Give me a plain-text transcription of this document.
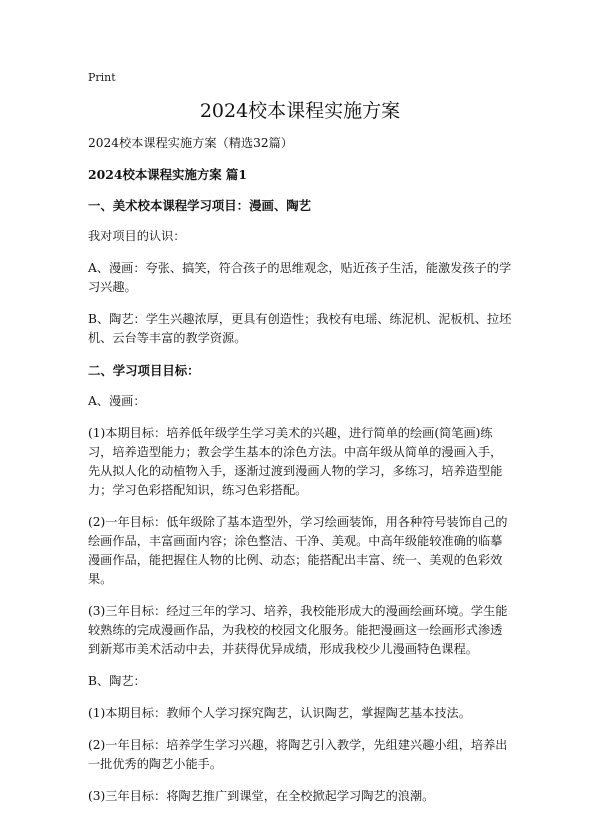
Print
2024校本课程实施方案

2024校本课程实施方案（精选32篇）

2024校本课程实施方案 篇1

一、美术校本课程学习项目：漫画、陶艺

我对项目的认识：

A、漫画：夸张、搞笑，符合孩子的思维观念，贴近孩子生活，能激发孩子的学习兴趣。

B、陶艺：学生兴趣浓厚，更具有创造性；我校有电瑶、练泥机、泥板机、拉坯机、云台等丰富的教学资源。

二、学习项目目标：

A、漫画：

(1)本期目标：培养低年级学生学习美术的兴趣，进行简单的绘画(简笔画)练习，培养造型能力；教会学生基本的涂色方法。中高年级从简单的漫画入手，先从拟人化的动植物入手，逐渐过渡到漫画人物的学习，多练习，培养造型能力；学习色彩搭配知识，练习色彩搭配。

(2)一年目标：低年级除了基本造型外，学习绘画装饰，用各种符号装饰自己的绘画作品，丰富画面内容；涂色整洁、干净、美观。中高年级能较准确的临摹漫画作品，能把握住人物的比例、动态；能搭配出丰富、统一、美观的色彩效果。

(3)三年目标：经过三年的学习、培养，我校能形成大的漫画绘画环境。学生能较熟练的完成漫画作品，为我校的校园文化服务。能把漫画这一绘画形式渗透到新郑市美术活动中去，并获得优异成绩，形成我校少儿漫画特色课程。

B、陶艺：

(1)本期目标：教师个人学习探究陶艺，认识陶艺，掌握陶艺基本技法。

(2)一年目标：培养学生学习兴趣，将陶艺引入教学，先组建兴趣小组，培养出一批优秀的陶艺小能手。

(3)三年目标：将陶艺推广到课堂，在全校掀起学习陶艺的浪潮。
